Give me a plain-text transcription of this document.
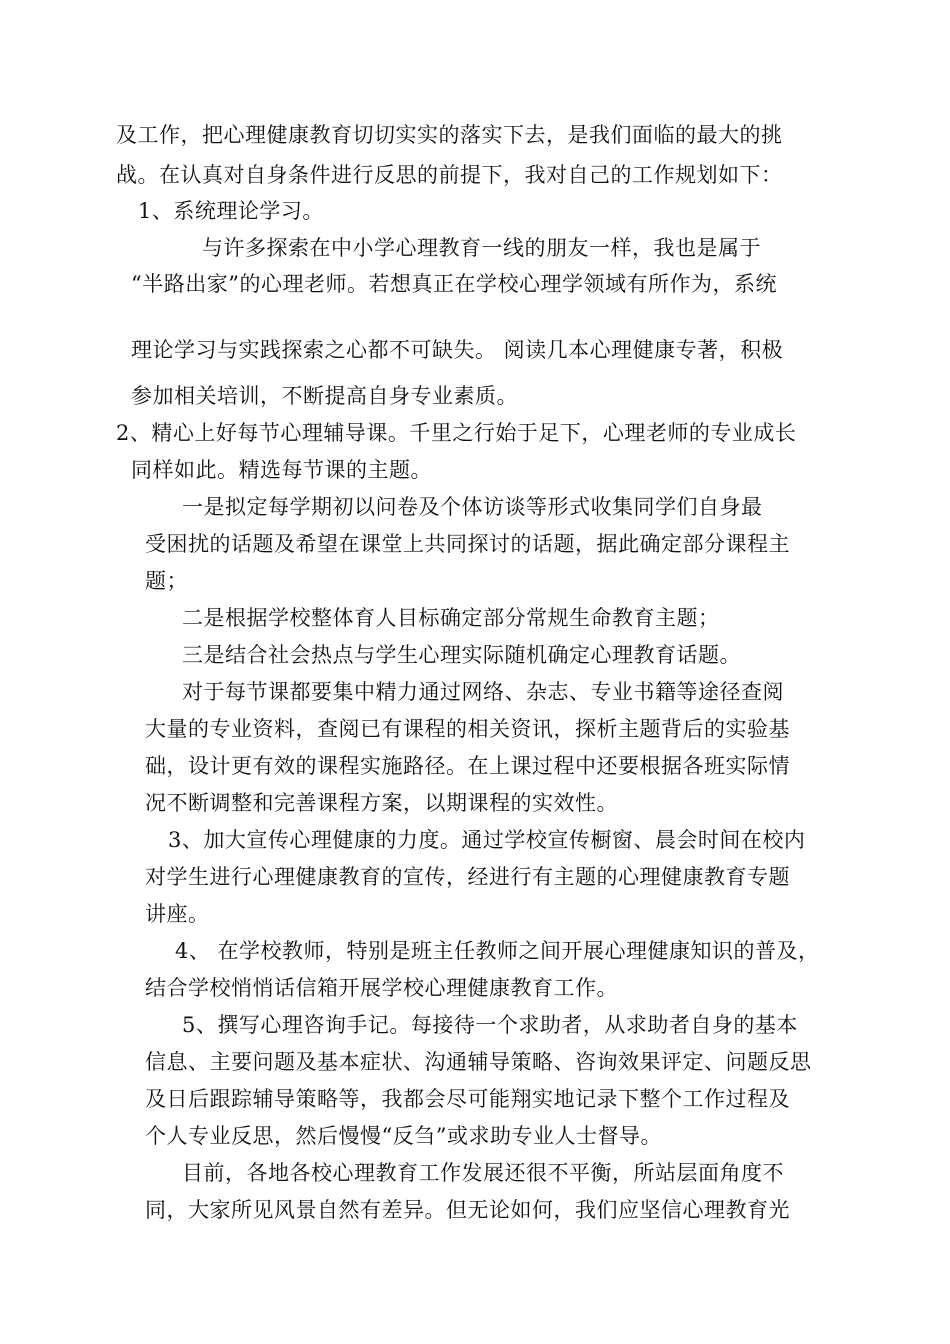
及工作，把心理健康教育切切实实的落实下去，是我们面临的最大的挑
战。在认真对自身条件进行反思的前提下，我对自己的工作规划如下：
1、系统理论学习。
与许多探索在中小学心理教育一线的朋友一样，我也是属于
“半路出家”的心理老师。若想真正在学校心理学领域有所作为，系统
理论学习与实践探索之心都不可缺失。 阅读几本心理健康专著，积极
参加相关培训，不断提高自身专业素质。
2、精心上好每节心理辅导课。千里之行始于足下，心理老师的专业成长
同样如此。精选每节课的主题。
一是拟定每学期初以问卷及个体访谈等形式收集同学们自身最
受困扰的话题及希望在课堂上共同探讨的话题，据此确定部分课程主
题；
二是根据学校整体育人目标确定部分常规生命教育主题；
三是结合社会热点与学生心理实际随机确定心理教育话题。
对于每节课都要集中精力通过网络、杂志、专业书籍等途径查阅
大量的专业资料，查阅已有课程的相关资讯，探析主题背后的实验基
础，设计更有效的课程实施路径。在上课过程中还要根据各班实际情
况不断调整和完善课程方案，以期课程的实效性。
3、加大宣传心理健康的力度。通过学校宣传橱窗、晨会时间在校内
对学生进行心理健康教育的宣传，经进行有主题的心理健康教育专题
讲座。
4、 在学校教师，特别是班主任教师之间开展心理健康知识的普及，
结合学校悄悄话信箱开展学校心理健康教育工作。
5、撰写心理咨询手记。每接待一个求助者，从求助者自身的基本
信息、主要问题及基本症状、沟通辅导策略、咨询效果评定、问题反思
及日后跟踪辅导策略等，我都会尽可能翔实地记录下整个工作过程及
个人专业反思，然后慢慢“反刍”或求助专业人士督导。
目前，各地各校心理教育工作发展还很不平衡，所站层面角度不
同，大家所见风景自然有差异。但无论如何，我们应坚信心理教育光
